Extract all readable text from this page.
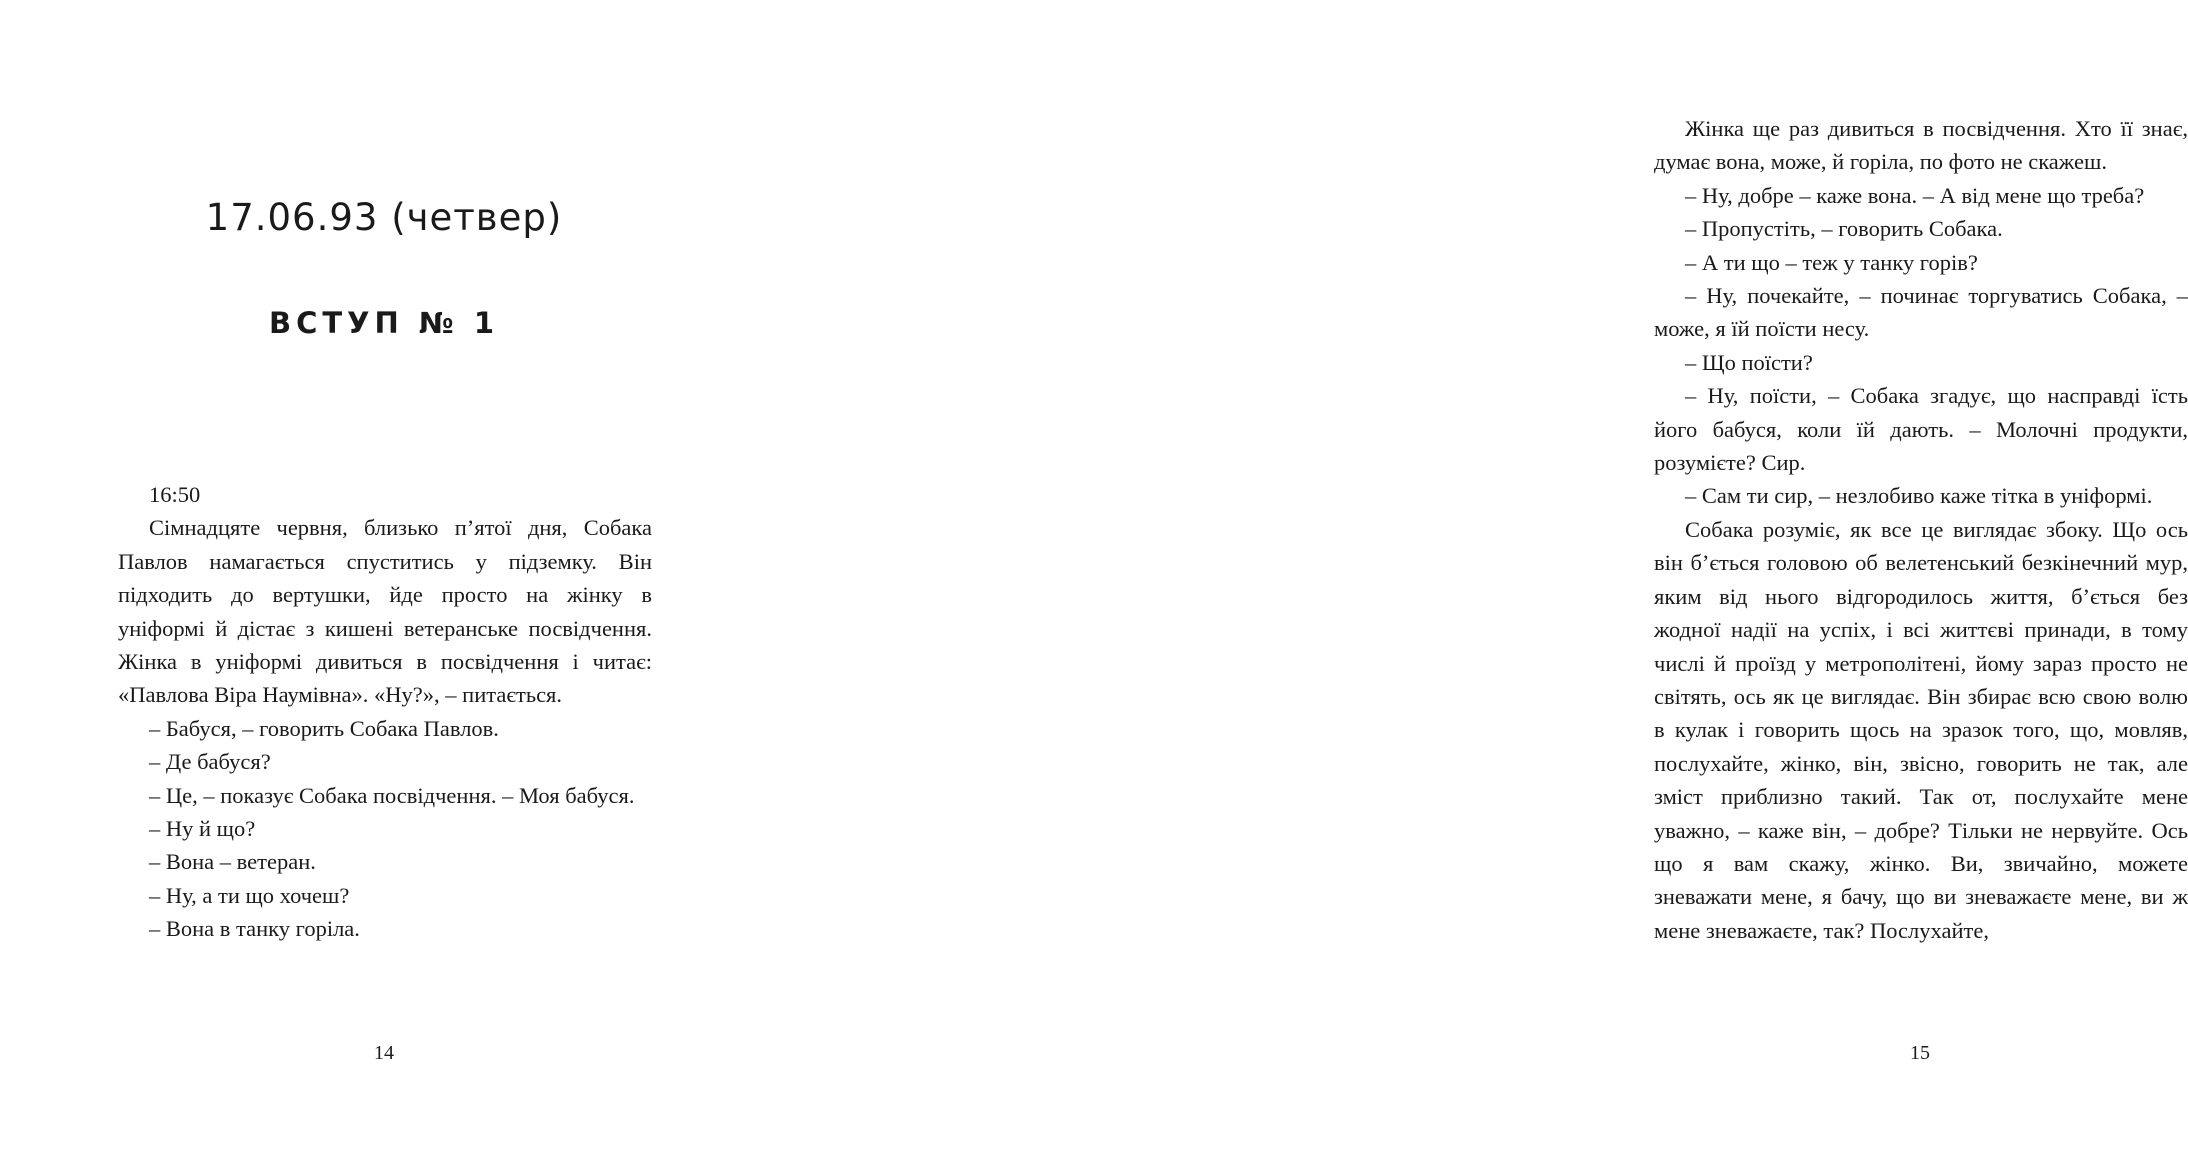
17.06.93 (четвер)
ВСТУП № 1

16:50

Сімнадцяте червня, близько п’ятої дня, Собака Павлов намагається спуститись у підземку. Він підходить до вертушки, йде просто на жінку в уніформі й дістає з кишені ветеранське посвідчення. Жінка в уніформі дивиться в посвідчення і читає: «Павлова Віра Наумівна». «Ну?», – питається.

– Бабуся, – говорить Собака Павлов.

– Де бабуся?

– Це, – показує Собака посвідчення. – Моя бабуся.

– Ну й що?

– Вона – ветеран.

– Ну, а ти що хочеш?

– Вона в танку горіла.

14

Жінка ще раз дивиться в посвідчення. Хто її знає, думає вона, може, й горіла, по фото не скажеш.

– Ну, добре – каже вона. – А від мене що треба?

– Пропустіть, – говорить Собака.

– А ти що – теж у танку горів?

– Ну, почекайте, – починає торгуватись Собака, – може, я їй поїсти несу.

– Що поїсти?

– Ну, поїсти, – Собака згадує, що насправді їсть його бабуся, коли їй дають. – Молочні продукти, розумієте? Сир.

– Сам ти сир, – незлобиво каже тітка в уніформі.

Собака розуміє, як все це виглядає збоку. Що ось він б’ється головою об велетенський безкінечний мур, яким від нього відгородилось життя, б’ється без жодної надії на успіх, і всі життєві принади, в тому числі й проїзд у метрополітені, йому зараз просто не світять, ось як це виглядає. Він збирає всю свою волю в кулак і говорить щось на зразок того, що, мовляв, послухайте, жінко, він, звісно, говорить не так, але зміст приблизно такий. Так от, послухайте мене уважно, – каже він, – добре? Тільки не нервуйте. Ось що я вам скажу, жінко. Ви, звичайно, можете зневажати мене, я бачу, що ви зневажаєте мене, ви ж мене зневажаєте, так? Послухайте,

15
